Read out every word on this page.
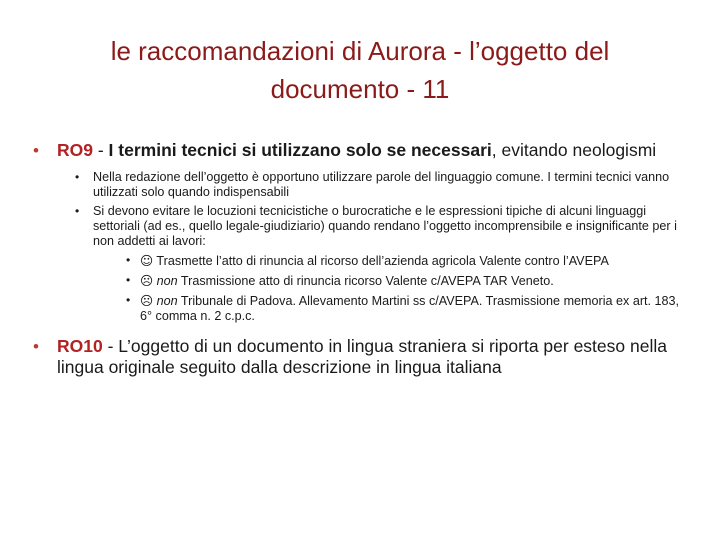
le raccomandazioni di Aurora - l’oggetto del
documento - 11
• RO9 - I termini tecnici si utilizzano solo se necessari, evitando neologismi
• Nella redazione dell’oggetto è opportuno utilizzare parole del linguaggio comune. I termini tecnici vanno utilizzati solo quando indispensabili
• Si devono evitare le locuzioni tecnicistiche o burocratiche e le espressioni tipiche di alcuni linguaggi settoriali (ad es., quello legale-giudiziario) quando rendano l’oggetto incomprensibile e insignificante per i non addetti ai lavori:
• ☺ Trasmette l’atto di rinuncia al ricorso dell’azienda agricola Valente contro l’AVEPA
• ☹ non Trasmissione atto di rinuncia ricorso Valente c/AVEPA TAR Veneto.
• ☹ non Tribunale di Padova. Allevamento Martini ss c/AVEPA. Trasmissione memoria ex art. 183, 6° comma n. 2 c.p.c.
• RO10 - L’oggetto di un documento in lingua straniera si riporta per esteso nella lingua originale seguito dalla descrizione in lingua italiana
